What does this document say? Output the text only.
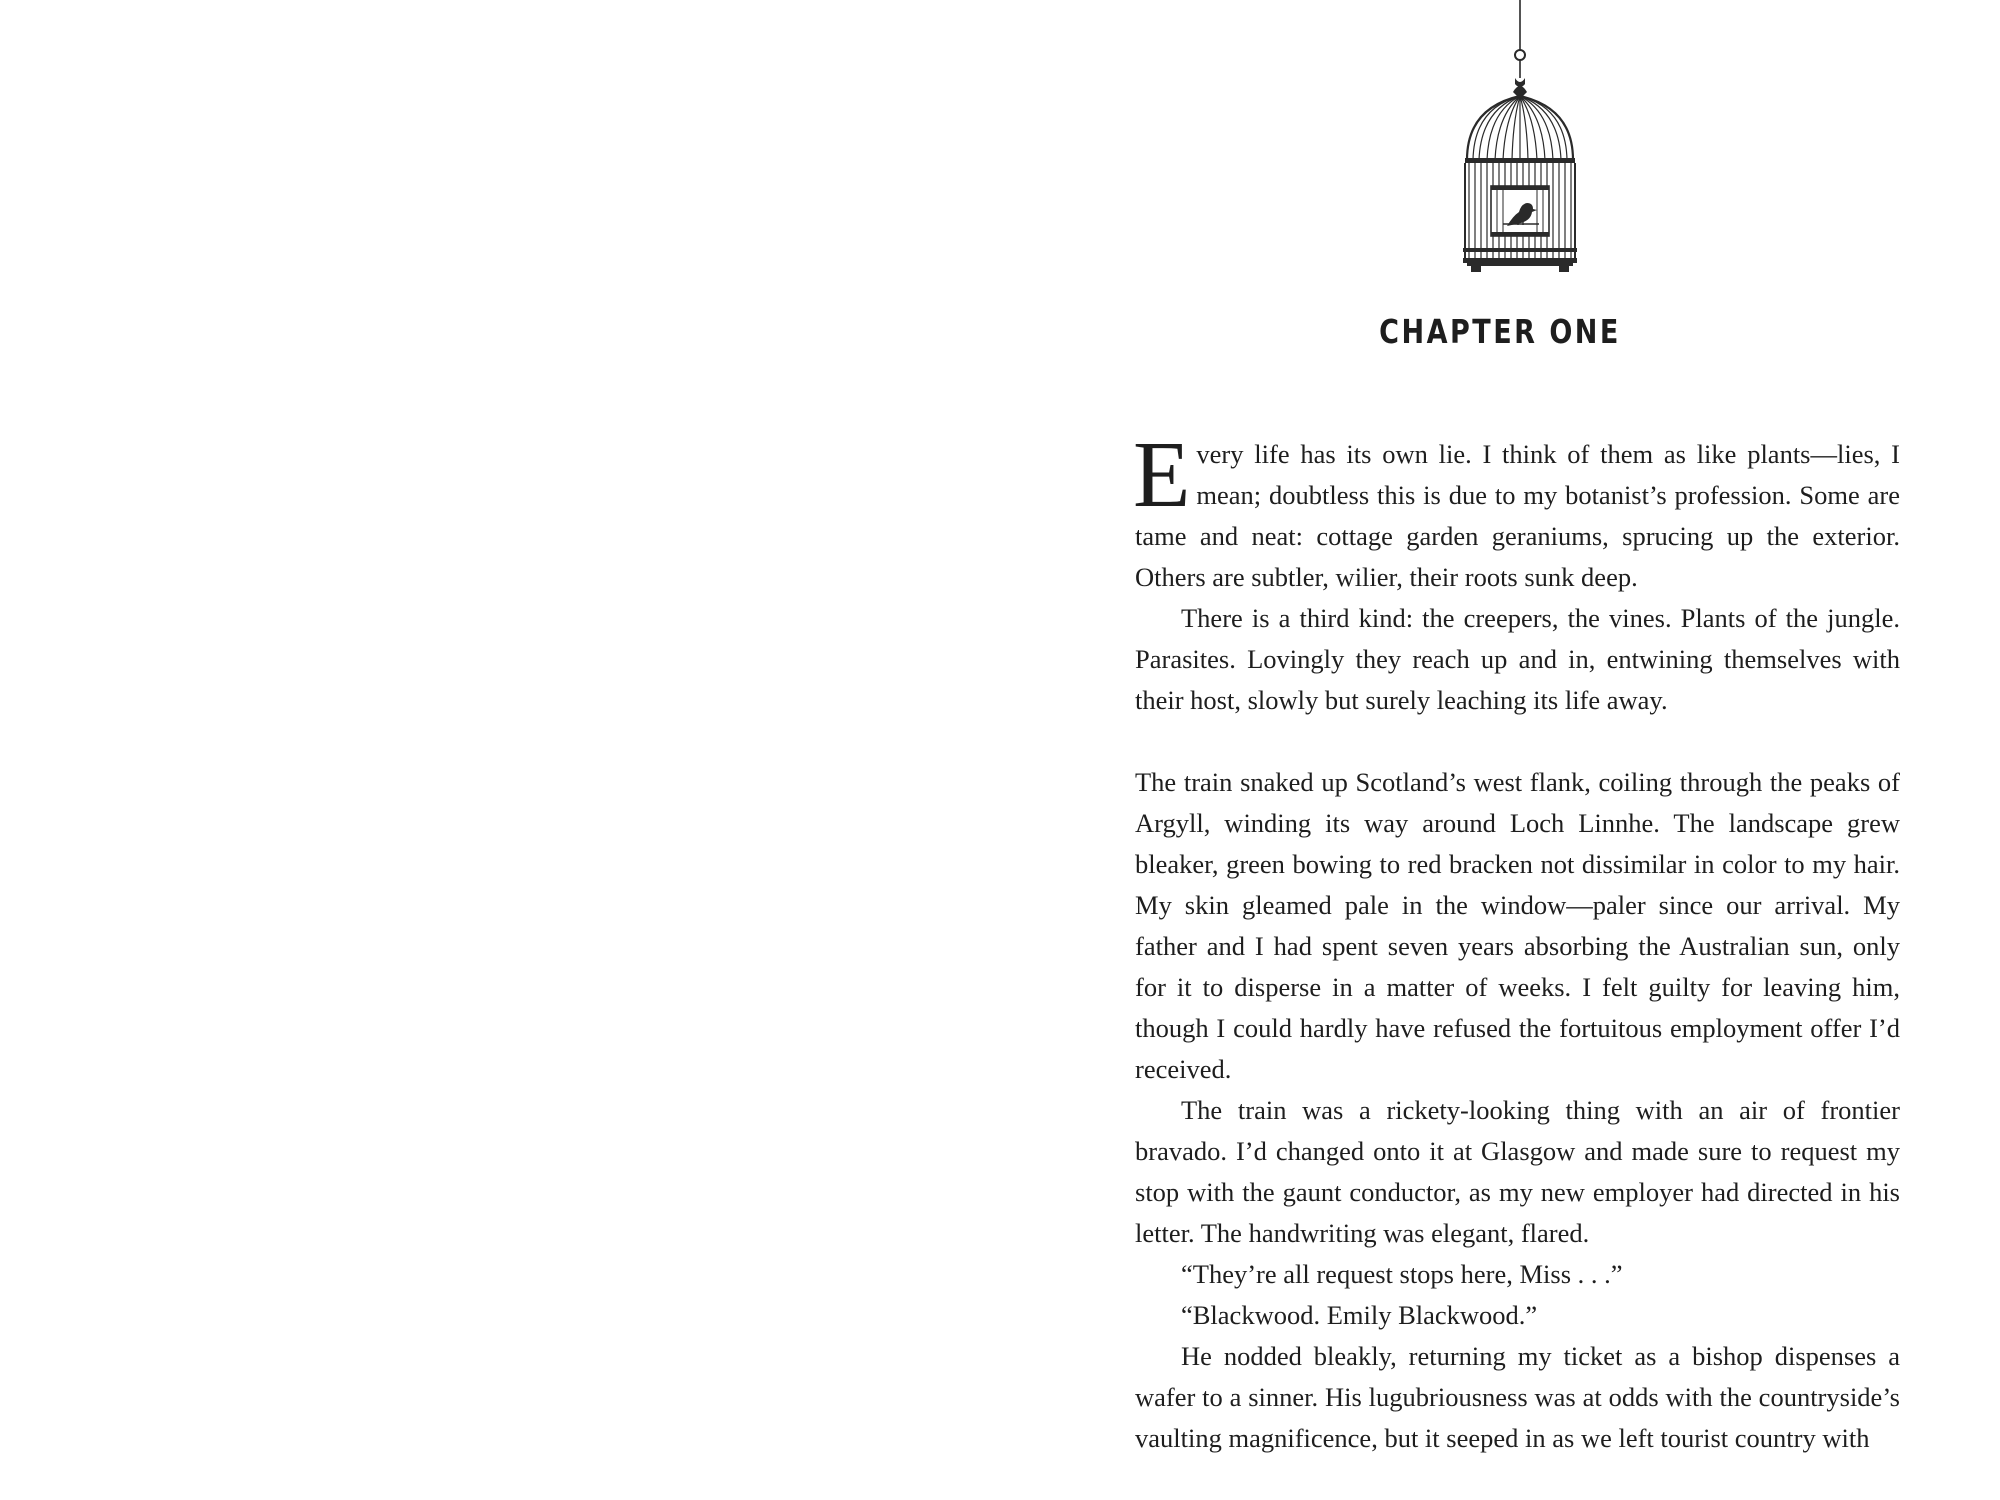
CHAPTER ONE

Every life has its own lie. I think of them as like plants—lies, I mean; doubtless this is due to my botanist’s profession. Some are tame and neat: cottage garden geraniums, sprucing up the exterior. Others are subtler, wilier, their roots sunk deep.

There is a third kind: the creepers, the vines. Plants of the jungle. Parasites. Lovingly they reach up and in, entwining themselves with their host, slowly but surely leaching its life away.

The train snaked up Scotland’s west flank, coiling through the peaks of Argyll, winding its way around Loch Linnhe. The landscape grew bleaker, green bowing to red bracken not dissimilar in color to my hair. My skin gleamed pale in the window—paler since our arrival. My father and I had spent seven years absorbing the Australian sun, only for it to disperse in a matter of weeks. I felt guilty for leaving him, though I could hardly have refused the fortuitous employment offer I’d received.

The train was a rickety-looking thing with an air of frontier bravado. I’d changed onto it at Glasgow and made sure to request my stop with the gaunt conductor, as my new employer had directed in his letter. The handwriting was elegant, flared.

“They’re all request stops here, Miss . . .”

“Blackwood. Emily Blackwood.”

He nodded bleakly, returning my ticket as a bishop dispenses a wafer to a sinner. His lugubriousness was at odds with the countryside’s vaulting magnificence, but it seeped in as we left tourist country with
